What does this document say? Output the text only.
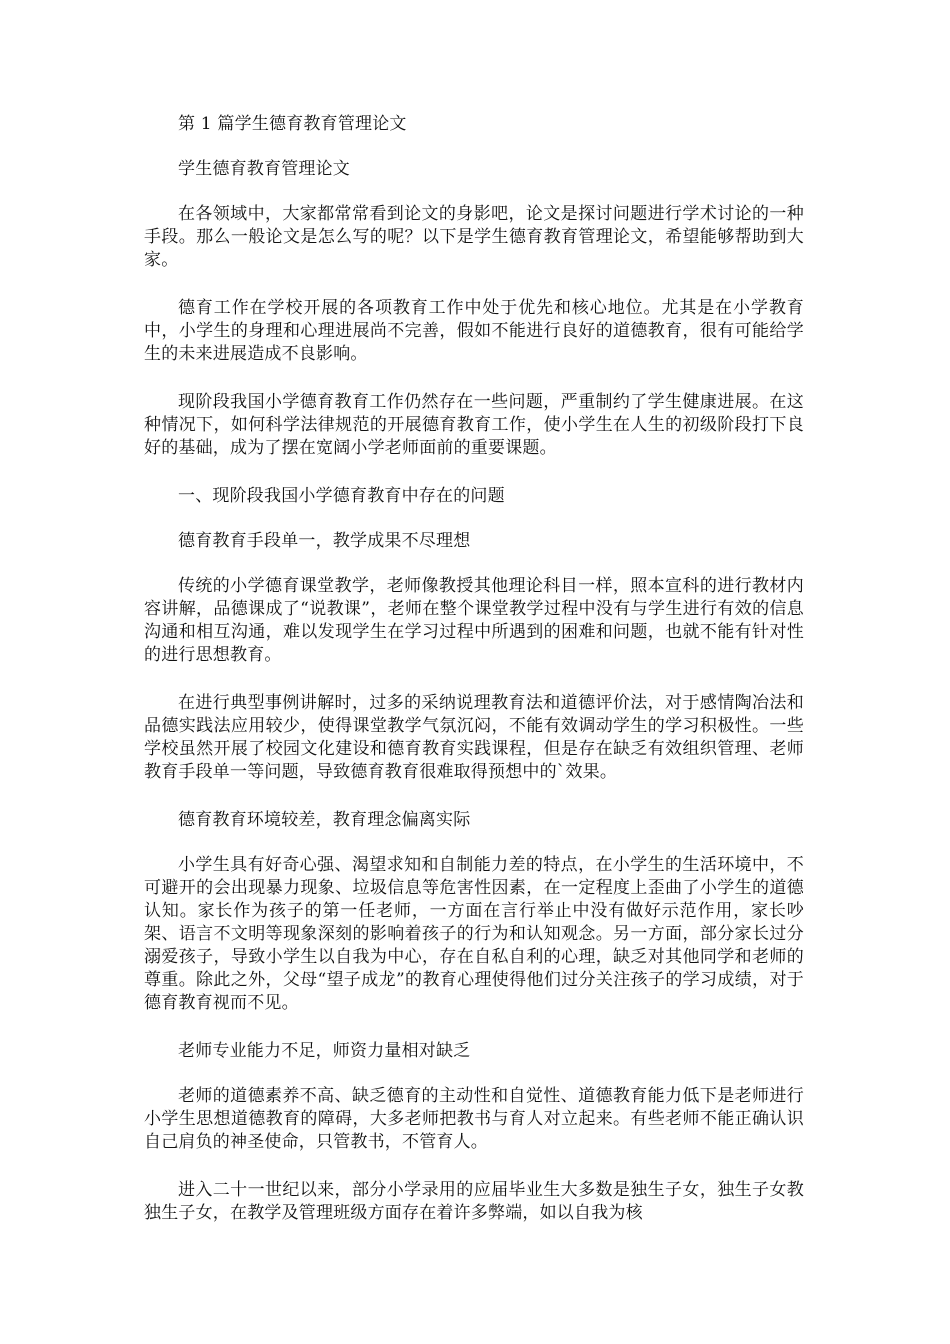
第 1 篇学生德育教育管理论文

学生德育教育管理论文

在各领域中，大家都常常看到论文的身影吧，论文是探讨问题进行学术讨论的一种手段。那么一般论文是怎么写的呢？以下是学生德育教育管理论文，希望能够帮助到大家。

德育工作在学校开展的各项教育工作中处于优先和核心地位。尤其是在小学教育中，小学生的身理和心理进展尚不完善，假如不能进行良好的道德教育，很有可能给学生的未来进展造成不良影响。

现阶段我国小学德育教育工作仍然存在一些问题，严重制约了学生健康进展。在这种情况下，如何科学法律规范的开展德育教育工作，使小学生在人生的初级阶段打下良好的基础，成为了摆在宽阔小学老师面前的重要课题。

一、现阶段我国小学德育教育中存在的问题

德育教育手段单一，教学成果不尽理想

传统的小学德育课堂教学，老师像教授其他理论科目一样，照本宣科的进行教材内容讲解，品德课成了“说教课”，老师在整个课堂教学过程中没有与学生进行有效的信息沟通和相互沟通，难以发现学生在学习过程中所遇到的困难和问题，也就不能有针对性的进行思想教育。

在进行典型事例讲解时，过多的采纳说理教育法和道德评价法，对于感情陶冶法和品德实践法应用较少，使得课堂教学气氛沉闷，不能有效调动学生的学习积极性。一些学校虽然开展了校园文化建设和德育教育实践课程，但是存在缺乏有效组织管理、老师教育手段单一等问题，导致德育教育很难取得预想中的`效果。

德育教育环境较差，教育理念偏离实际

小学生具有好奇心强、渴望求知和自制能力差的特点，在小学生的生活环境中，不可避开的会出现暴力现象、垃圾信息等危害性因素，在一定程度上歪曲了小学生的道德认知。家长作为孩子的第一任老师，一方面在言行举止中没有做好示范作用，家长吵架、语言不文明等现象深刻的影响着孩子的行为和认知观念。另一方面，部分家长过分溺爱孩子，导致小学生以自我为中心，存在自私自利的心理，缺乏对其他同学和老师的尊重。除此之外，父母“望子成龙”的教育心理使得他们过分关注孩子的学习成绩，对于德育教育视而不见。

老师专业能力不足，师资力量相对缺乏

老师的道德素养不高、缺乏德育的主动性和自觉性、道德教育能力低下是老师进行小学生思想道德教育的障碍，大多老师把教书与育人对立起来。有些老师不能正确认识自己肩负的神圣使命，只管教书，不管育人。

进入二十一世纪以来，部分小学录用的应届毕业生大多数是独生子女，独生子女教独生子女，在教学及管理班级方面存在着许多弊端，如以自我为核
